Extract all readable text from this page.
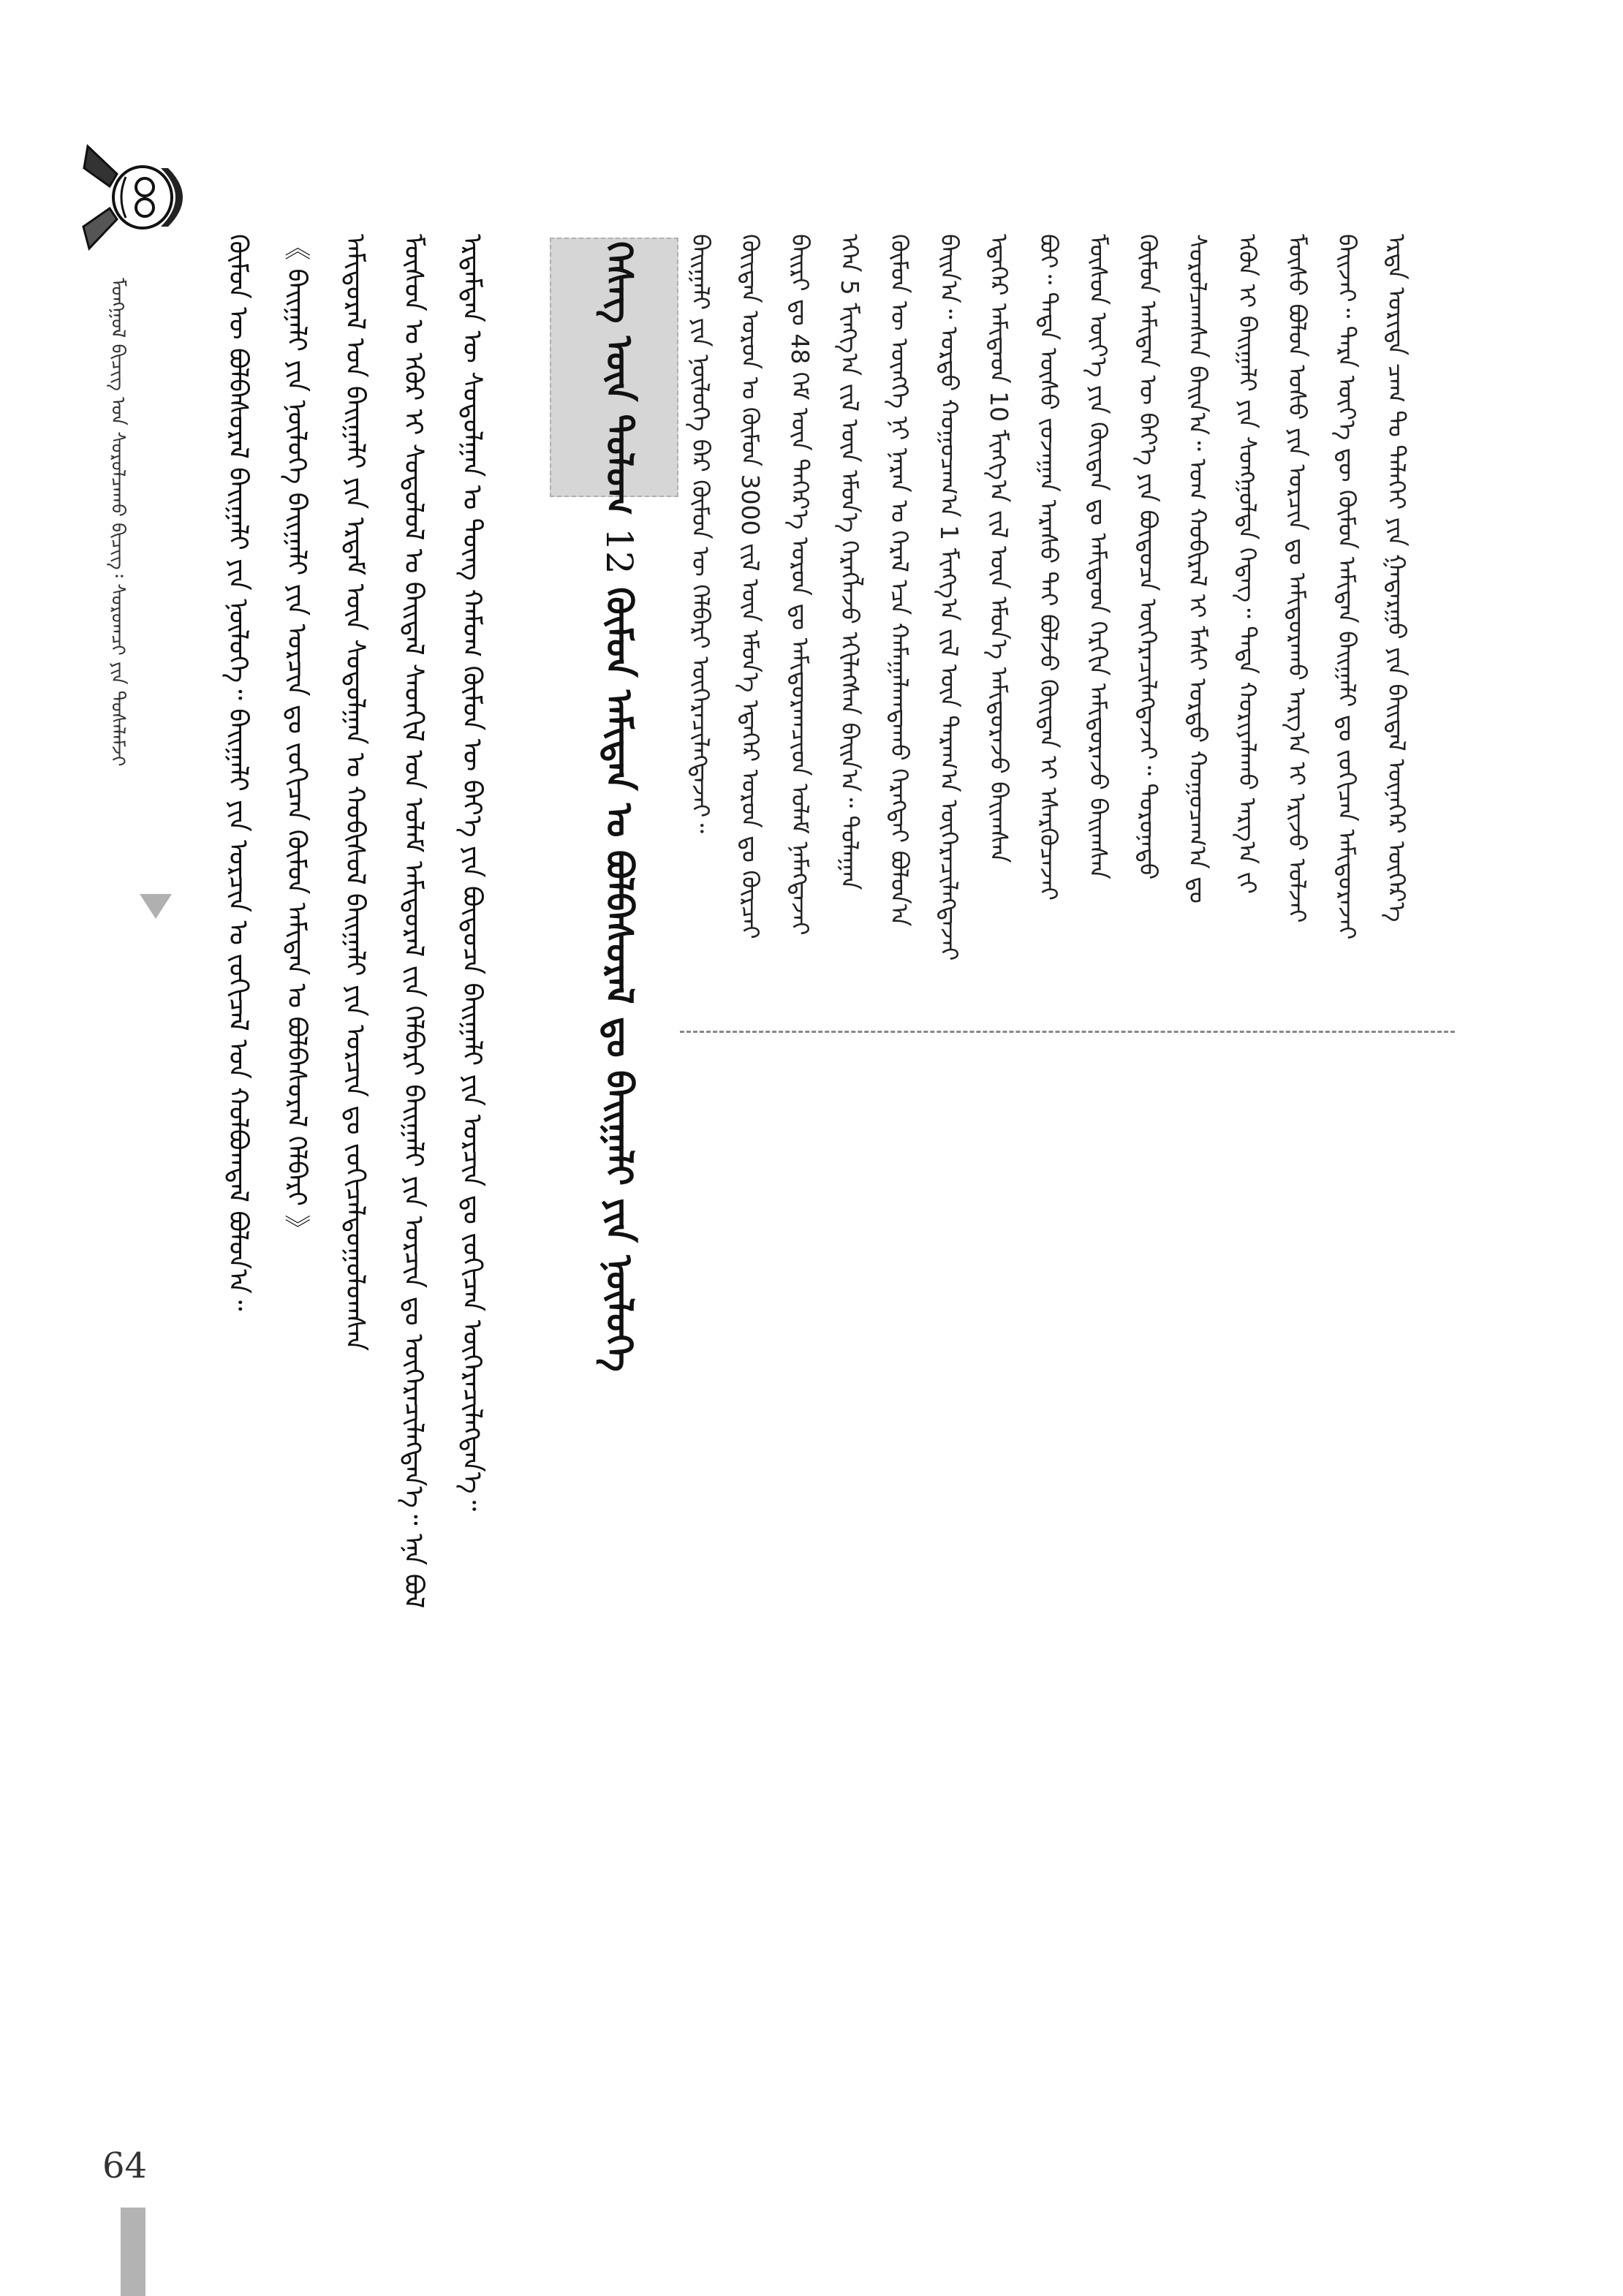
ᠮᠣᠩᠭᠣᠯ ᠪᠢᠴᠢᠭ ᠤᠨ ᠰᠤᠷᠤᠯᠴᠠᠬᠤ ᠪᠢᠴᠢᠭ᠄ ᠰᠤᠷᠤᠭᠴᠢ ᠶᠢᠨ ᠲᠤᠰᠠᠯᠠᠮᠵᠢ	ᠬᠡᠰᠡᠭ ᠦᠨ ᠲᠤᠯᠤᠭ 12 ᠬᠦᠮᠦᠨ ᠠᠮᠢᠲᠠᠨ ᠤ ᠪᠣᠯᠪᠠᠰᠤᠷᠠᠯ ᠳᠤ ᠪᠠᠢᠭᠠᠯᠢ ᠶᠢᠨ ᠨᠥᠯᠦᠭᠡ
ᠡᠷᠲᠡ ᠤᠷᠢᠳᠠ ᠴᠠᠭ ᠲᠤ ᠳᠡᠯᠡᠬᠡᠢ ᠶᠢᠨ ᠭᠠᠳᠠᠷᠭᠤ ᠶᠢᠨ ᠪᠠᠢᠳᠠᠯ ᠦᠨᠡᠬᠡᠷ ᠥᠭᠡᠷ᠎ᠡ
ᠪᠠᠢᠵᠠᠢ᠃ ᠲᠡᠷᠡ ᠦᠶ᠎ᠡ ᠳᠦ ᠬᠦᠮᠦᠨ ᠠᠮᠢᠲᠠᠨ ᠪᠠᠢᠭᠠᠯᠢ ᠳᠤ ᠵᠣᠬᠢᠴᠠᠨ ᠠᠮᠢᠳᠤᠷᠠᠵᠠᠢ
ᠮᠥᠰᠥ ᠪᠣᠯᠤᠨ ᠤᠰᠤ ᠶᠢᠨ ᠣᠷᠴᠢᠨ ᠳᠤ ᠠᠮᠢᠳᠤᠷᠠᠬᠤ ᠠᠷᠭ᠎ᠠ ᠢ ᠡᠷᠢᠵᠦ ᠣᠯᠵᠠᠢ
ᠡᠭᠦᠨ ᠢ ᠪᠠᠢᠭᠠᠯᠢ ᠶᠢᠨ ᠰᠣᠩᠭᠣᠯᠲᠠ ᠭᠡᠳᠡᠭ᠃ ᠲᠡᠳᠡ ᠬᠤᠷᠢᠶᠠᠯᠠᠬᠤ ᠠᠷᠭ᠎ᠠ ᠵᠢ
ᠰᠤᠷᠤᠯᠴᠠᠭᠰᠠᠨ ᠪᠠᠢᠨ᠎ᠠ᠃ ᠤᠭ ᠬᠤᠪᠢᠷᠠᠯ ᠢ ᠮᠠᠰᠢ ᠤᠷᠲᠤ ᠬᠤᠭᠤᠴᠠᠭ᠎ᠠ ᠳᠤ
ᠬᠦᠮᠦᠨ ᠠᠮᠢᠲᠠᠨ ᠦ ᠪᠡᠶ᠎ᠡ ᠶᠢᠨ ᠪᠦᠲᠦᠴᠡ ᠥᠭᠡᠷᠡᠴᠢᠯᠡᠭᠳᠡᠵᠡᠢ᠃ ᠳᠣᠷᠤᠨᠠᠳᠤ
ᠮᠥᠰᠥᠨ ᠦᠶ᠎ᠡ ᠶᠢᠨ ᠬᠦᠢᠲᠡᠨ ᠳᠤ ᠠᠮᠢᠲᠠᠳ ᠬᠡᠷᠬᠢᠨ ᠠᠮᠢᠳᠤᠷᠠᠵᠤ ᠪᠠᠢᠭᠰᠠᠨ
ᠪᠤᠢ᠃ ᠲᠡᠳᠡ ᠦᠰᠦ ᠵᠤᠵᠠᠭᠠᠨ ᠠᠷᠠᠰᠤ ᠲᠠᠢ ᠪᠣᠯᠵᠤ ᠬᠦᠢᠲᠡᠨ ᠢ ᠡᠰᠡᠷᠭᠦᠴᠡᠵᠡᠢ
ᠡᠳᠡᠭᠡᠷ ᠠᠮᠢᠲᠠᠳ 10 ᠮᠢᠩᠭ᠎ᠠ ᠵᠢᠯ ᠦᠨ ᠡᠮᠦᠨ᠎ᠡ ᠠᠮᠢᠳᠤᠷᠠᠵᠤ ᠪᠠᠢᠭᠰᠠᠨ
ᠪᠠᠢᠨ᠎ᠠ᠃ ᠤᠷᠲᠤ ᠬᠤᠭᠤᠴᠠᠭ᠎ᠠ 1 ᠮᠢᠩᠭ᠎ᠠ ᠵᠢᠯ ᠦᠨ ᠳᠠᠷᠠᠭ᠎ᠠ ᠥᠭᠡᠷᠡᠴᠢᠯᠡᠭᠳᠡᠵᠡᠢ
ᠬᠦᠮᠦᠨ ᠦ ᠥᠩᠭᠡ ᠨᠢ ᠨᠠᠷᠠᠨ ᠤ ᠭᠡᠷᠡᠯ ᠡᠴᠡ ᠬᠠᠮᠠᠭᠠᠯᠠᠭᠳᠠᠬᠤ ᠬᠡᠷᠡᠭᠲᠡᠢ ᠪᠣᠯᠤᠨ᠎ᠠ
ᠡᠬᠡᠨ 5 ᠮᠢᠩᠭ᠎ᠠ ᠵᠢᠯ ᠦᠨ ᠡᠮᠦᠨ᠎ᠡ ᠬᠡᠷᠡᠭᠯᠡᠵᠦ ᠡᠬᠢᠯᠡᠭᠰᠡᠨ ᠪᠠᠢᠨ᠎ᠠ᠃ ᠳᠤᠯᠠᠭᠠᠨ
ᠪᠠᠢᠷᠢ ᠳᠤ 48 ᠬᠡᠮ ᠦᠨ ᠳᠡᠭᠡᠷ᠎ᠡ ᠣᠷᠣᠨ ᠳᠤ ᠠᠮᠢᠳᠤᠷᠠᠭᠴᠢᠳ ᠤᠯᠠᠮ ᠨᠡᠮᠡᠭᠳᠡᠵᠡᠢ
ᠬᠦᠢᠲᠡᠨ ᠣᠷᠣᠨ ᠤ ᠬᠦᠮᠦᠨ 3000 ᠵᠢᠯ ᠦᠨ ᠡᠮᠦᠨ᠎ᠡ ᠡᠳᠡᠭᠡᠷ ᠣᠷᠣᠨ ᠳᠤ ᠬᠦᠷᠴᠡᠢ
ᠪᠠᠢᠭᠠᠯᠢ ᠶᠢᠨ ᠨᠥᠯᠦᠭᠡ ᠪᠡᠷ ᠬᠦᠮᠦᠨ ᠦ ᠬᠡᠯᠪᠡᠷᠢ ᠥᠭᠡᠷᠡᠴᠢᠯᠡᠭᠳᠡᠵᠡᠢ᠃
ᠡᠷᠳᠡᠮᠲᠡᠨ ᠦ ᠰᠤᠳᠤᠯᠭᠠᠨ ᠤ ᠳᠦᠩ ᠬᠠᠮᠤᠭ ᠬᠦᠮᠦᠨ ᠦ ᠪᠡᠶ᠎ᠡ ᠶᠢᠨ ᠪᠦᠲᠦᠴᠡ ᠪᠠᠢᠭᠠᠯᠢ ᠶᠢᠨ ᠣᠷᠴᠢᠨ ᠳᠤ ᠵᠣᠬᠢᠴᠠᠨ ᠥᠭᠡᠷᠡᠴᠢᠯᠡᠭᠳᠡᠨ᠎ᠡ᠃
ᠮᠥᠰᠥᠨ ᠤ ᠡᠭᠦᠷ ᠢ ᠰᠤᠳᠤᠯᠤᠯ ᠤ ᠪᠠᠢᠳᠠᠯ ᠰᠡᠳᠭᠢᠯ ᠤᠨ ᠤᠯᠠᠮ ᠠᠮᠢᠳᠤᠷᠠᠯ ᠵᠢᠨ ᠬᠡᠯᠪᠡᠷᠢ ᠪᠠᠢᠭᠠᠯᠢ ᠶᠢᠨ ᠣᠷᠴᠢᠨ ᠳᠤ ᠥᠭᠡᠷᠡᠴᠢᠯᠡᠭᠳᠡᠨ᠎ᠡ᠃ ᠡᠨᠡ ᠪᠣᠯ
ᠠᠮᠢᠳᠤᠷᠠᠯ ᠤᠨ ᠪᠠᠢᠭᠠᠯᠢ ᠶᠢᠨ ᠡᠷᠳᠡᠮ ᠦᠨ ᠰᠤᠳᠤᠯᠭᠠᠨ ᠤ ᠬᠤᠪᠢᠰᠤᠯ ᠪᠠᠢᠭᠠᠯᠢ ᠶᠢᠨ ᠣᠷᠴᠢᠨ ᠳᠤ ᠵᠣᠬᠢᠴᠠᠯᠳᠤᠭᠤᠯᠤᠭᠰᠠᠨ
《 ᠪᠠᠢᠭᠠᠯᠢ ᠶᠢᠨ ᠨᠥᠯᠦᠭᠡ ᠪᠠᠢᠭᠠᠯᠢ ᠶᠢᠨ ᠣᠷᠴᠢᠨ ᠳᠤ ᠵᠣᠬᠢᠴᠠᠨ ᠬᠦᠮᠦᠨ ᠠᠮᠢᠲᠠᠨ ᠤ ᠪᠣᠯᠪᠠᠰᠤᠷᠠᠯ ᠬᠡᠯᠪᠡᠷᠢ 》
ᠬᠦᠮᠦᠨ ᠦ ᠪᠣᠯᠪᠠᠰᠤᠷᠠᠯ ᠪᠠᠢᠭᠠᠯᠢ ᠶᠢᠨ ᠨᠥᠯᠦᠭᠡ᠃ ᠪᠠᠢᠭᠠᠯᠢ ᠶᠢᠨ ᠣᠷᠴᠢᠨ ᠤ ᠵᠣᠬᠢᠴᠠᠯ ᠤᠨ ᠬᠣᠯᠪᠣᠭᠳᠠᠯ ᠪᠣᠯᠤᠨ᠎ᠠ᠃
64
